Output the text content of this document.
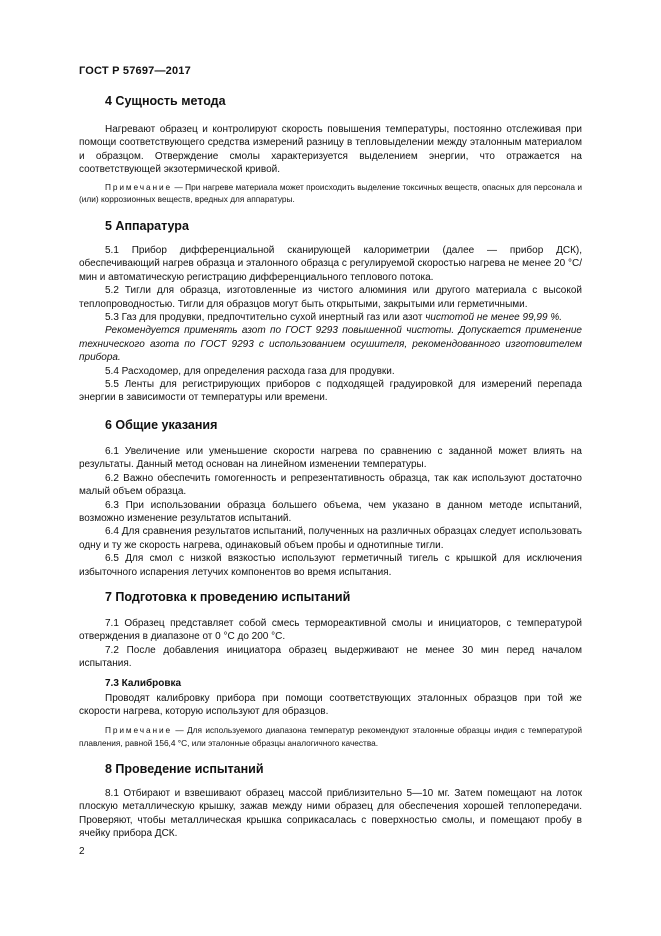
ГОСТ Р 57697—2017
4 Сущность метода

Нагревают образец и контролируют скорость повышения температуры, постоянно отслеживая при помощи соответствующего средства измерений разницу в тепловыделении между эталонным материалом и образцом. Отверждение смолы характеризуется выделением энергии, что отражается на соответствующей экзотермической кривой.

Примечание — При нагреве материала может происходить выделение токсичных веществ, опасных для персонала и (или) коррозионных веществ, вредных для аппаратуры.

5 Аппаратура

5.1 Прибор дифференциальной сканирующей калориметрии (далее — прибор ДСК), обеспечивающий нагрев образца и эталонного образца с регулируемой скоростью нагрева не менее 20 °C/мин и автоматическую регистрацию дифференциального теплового потока.

5.2 Тигли для образца, изготовленные из чистого алюминия или другого материала с высокой теплопроводностью. Тигли для образцов могут быть открытыми, закрытыми или герметичными.

5.3 Газ для продувки, предпочтительно сухой инертный газ или азот чистотой не менее 99,99 %.

Рекомендуется применять азот по ГОСТ 9293 повышенной чистоты. Допускается применение технического азота по ГОСТ 9293 с использованием осушителя, рекомендованного изготовителем прибора.

5.4 Расходомер, для определения расхода газа для продувки.

5.5 Ленты для регистрирующих приборов с подходящей градуировкой для измерений перепада энергии в зависимости от температуры или времени.

6 Общие указания

6.1 Увеличение или уменьшение скорости нагрева по сравнению с заданной может влиять на результаты. Данный метод основан на линейном изменении температуры.

6.2 Важно обеспечить гомогенность и репрезентативность образца, так как используют достаточно малый объем образца.

6.3 При использовании образца большего объема, чем указано в данном методе испытаний, возможно изменение результатов испытаний.

6.4 Для сравнения результатов испытаний, полученных на различных образцах следует использовать одну и ту же скорость нагрева, одинаковый объем пробы и однотипные тигли.

6.5 Для смол с низкой вязкостью используют герметичный тигель с крышкой для исключения избыточного испарения летучих компонентов во время испытания.

7 Подготовка к проведению испытаний

7.1 Образец представляет собой смесь термореактивной смолы и инициаторов, с температурой отверждения в диапазоне от 0 °C до 200 °C.

7.2 После добавления инициатора образец выдерживают не менее 30 мин перед началом испытания.

7.3 Калибровка

Проводят калибровку прибора при помощи соответствующих эталонных образцов при той же скорости нагрева, которую используют для образцов.

Примечание — Для используемого диапазона температур рекомендуют эталонные образцы индия с температурой плавления, равной 156,4 °C, или эталонные образцы аналогичного качества.

8 Проведение испытаний

8.1 Отбирают и взвешивают образец массой приблизительно 5—10 мг. Затем помещают на лоток плоскую металлическую крышку, зажав между ними образец для обеспечения хорошей теплопередачи. Проверяют, чтобы металлическая крышка соприкасалась с поверхностью смолы, и помещают пробу в ячейку прибора ДСК.

2
